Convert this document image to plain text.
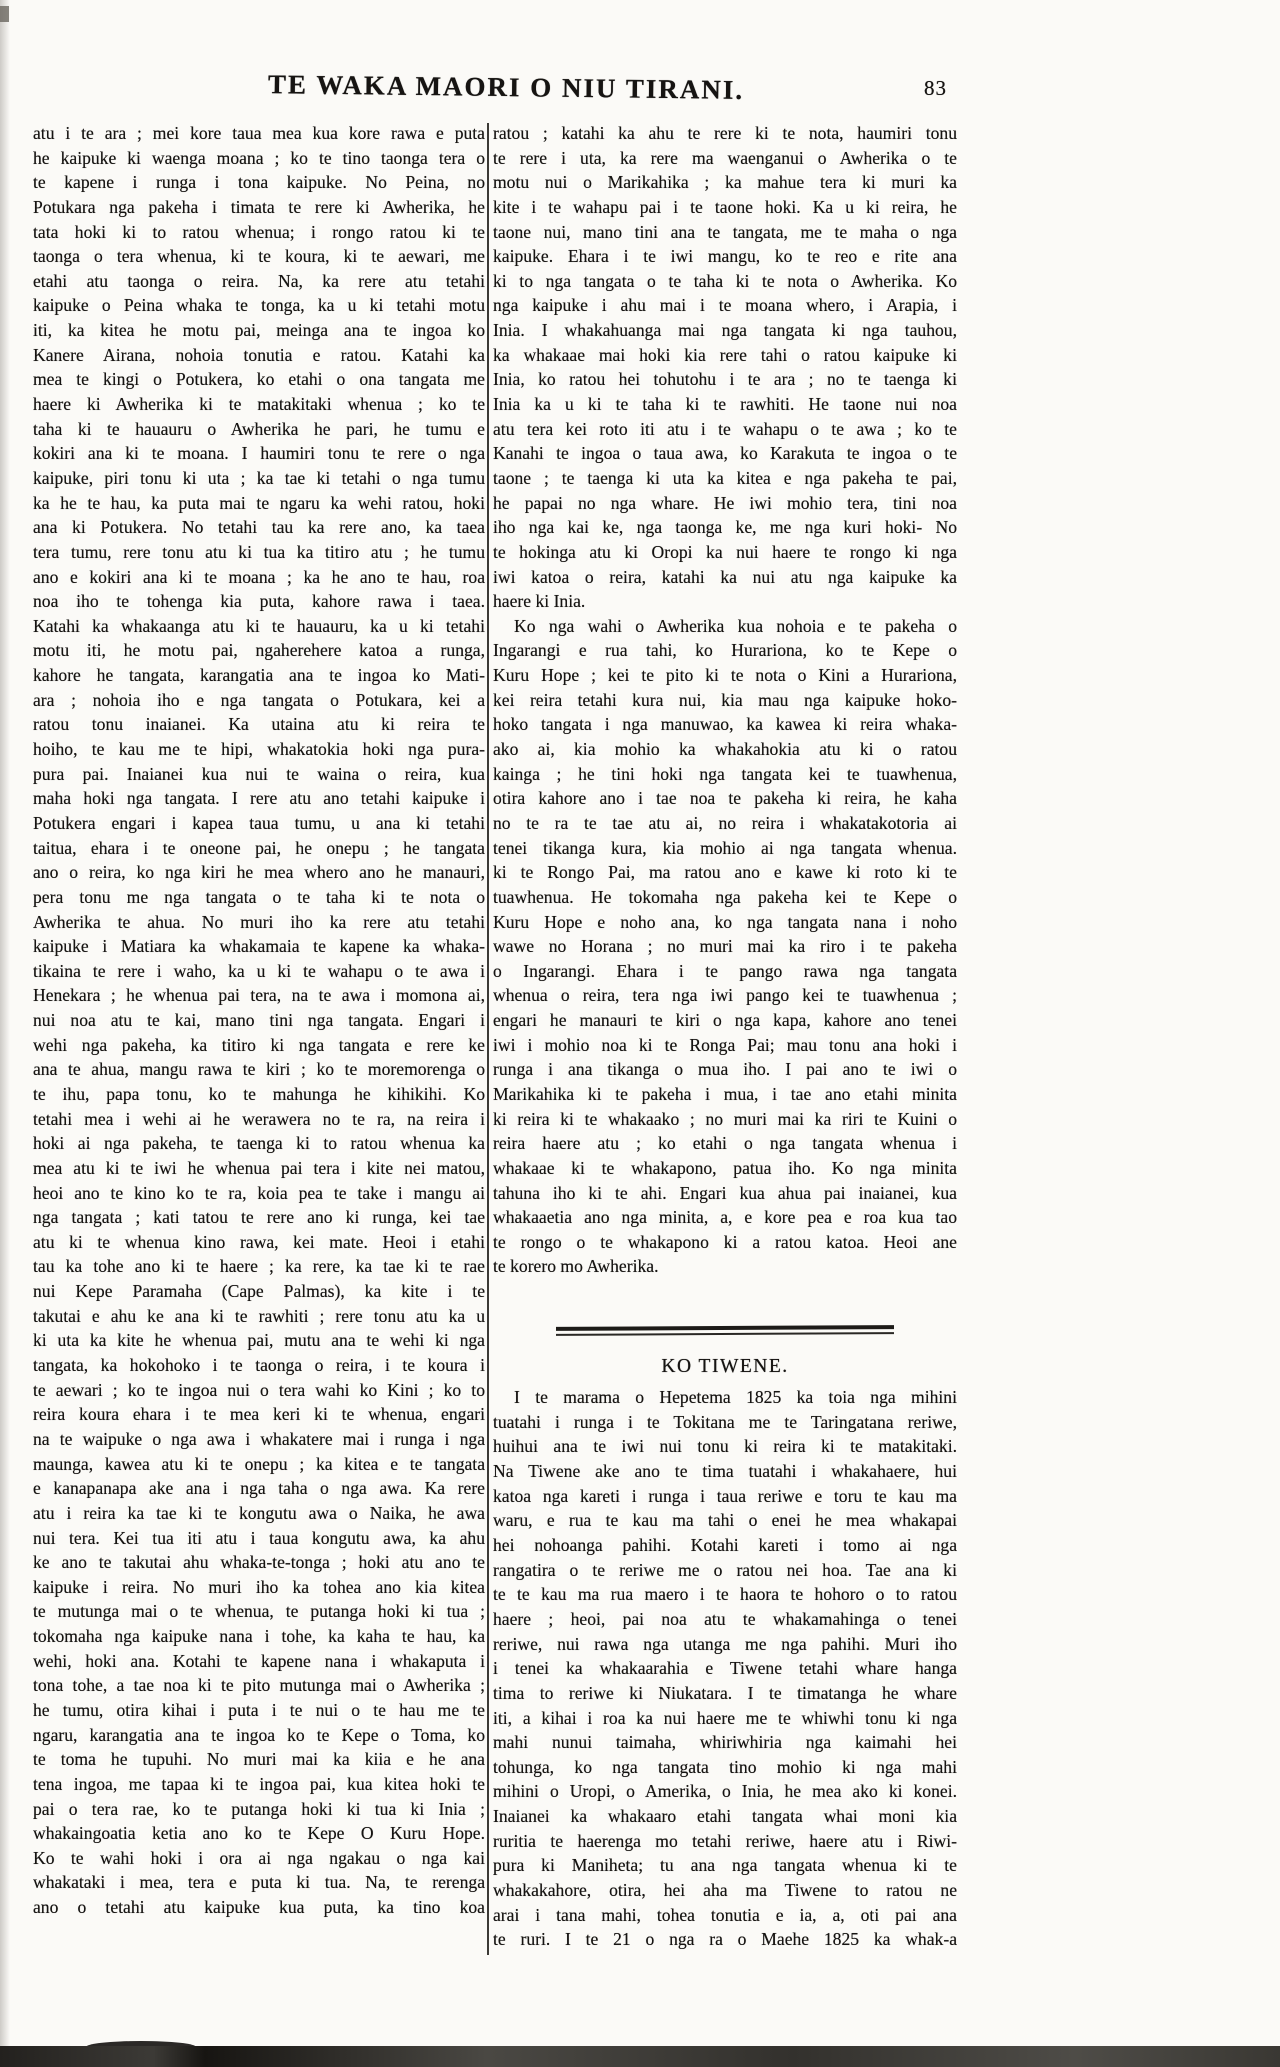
TE WAKA MAORI O NIU TIRANI.	83
atu i te ara ; mei kore taua mea kua kore rawa e puta
he kaipuke ki waenga moana ; ko te tino taonga tera o
te kapene i runga i tona kaipuke. No Peina, no
Potukara nga pakeha i timata te rere ki Awherika, he
tata hoki ki to ratou whenua; i rongo ratou ki te
taonga o tera whenua, ki te koura, ki te aewari, me
etahi atu taonga o reira. Na, ka rere atu tetahi
kaipuke o Peina whaka te tonga, ka u ki tetahi motu
iti, ka kitea he motu pai, meinga ana te ingoa ko
Kanere Airana, nohoia tonutia e ratou. Katahi ka
mea te kingi o Potukera, ko etahi o ona tangata me
haere ki Awherika ki te matakitaki whenua ; ko te
taha ki te hauauru o Awherika he pari, he tumu e
kokiri ana ki te moana. I haumiri tonu te rere o nga
kaipuke, piri tonu ki uta ; ka tae ki tetahi o nga tumu
ka he te hau, ka puta mai te ngaru ka wehi ratou, hoki
ana ki Potukera. No tetahi tau ka rere ano, ka taea
tera tumu, rere tonu atu ki tua ka titiro atu ; he tumu
ano e kokiri ana ki te moana ; ka he ano te hau, roa
noa iho te tohenga kia puta, kahore rawa i taea.
Katahi ka whakaanga atu ki te hauauru, ka u ki tetahi
motu iti, he motu pai, ngaherehere katoa a runga,
kahore he tangata, karangatia ana te ingoa ko Mati-
ara ; nohoia iho e nga tangata o Potukara, kei a
ratou tonu inaianei. Ka utaina atu ki reira te
hoiho, te kau me te hipi, whakatokia hoki nga pura-
pura pai. Inaianei kua nui te waina o reira, kua
maha hoki nga tangata. I rere atu ano tetahi kaipuke i
Potukera engari i kapea taua tumu, u ana ki tetahi
taitua, ehara i te oneone pai, he onepu ; he tangata
ano o reira, ko nga kiri he mea whero ano he manauri,
pera tonu me nga tangata o te taha ki te nota o
Awherika te ahua. No muri iho ka rere atu tetahi
kaipuke i Matiara ka whakamaia te kapene ka whaka-
tikaina te rere i waho, ka u ki te wahapu o te awa i
Henekara ; he whenua pai tera, na te awa i momona ai,
nui noa atu te kai, mano tini nga tangata. Engari i
wehi nga pakeha, ka titiro ki nga tangata e rere ke
ana te ahua, mangu rawa te kiri ; ko te moremorenga o
te ihu, papa tonu, ko te mahunga he kihikihi. Ko
tetahi mea i wehi ai he werawera no te ra, na reira i
hoki ai nga pakeha, te taenga ki to ratou whenua ka
mea atu ki te iwi he whenua pai tera i kite nei matou,
heoi ano te kino ko te ra, koia pea te take i mangu ai
nga tangata ; kati tatou te rere ano ki runga, kei tae
atu ki te whenua kino rawa, kei mate. Heoi i etahi
tau ka tohe ano ki te haere ; ka rere, ka tae ki te rae
nui Kepe Paramaha (Cape Palmas), ka kite i te
takutai e ahu ke ana ki te rawhiti ; rere tonu atu ka u
ki uta ka kite he whenua pai, mutu ana te wehi ki nga
tangata, ka hokohoko i te taonga o reira, i te koura i
te aewari ; ko te ingoa nui o tera wahi ko Kini ; ko to
reira koura ehara i te mea keri ki te whenua, engari
na te waipuke o nga awa i whakatere mai i runga i nga
maunga, kawea atu ki te onepu ; ka kitea e te tangata
e kanapanapa ake ana i nga taha o nga awa. Ka rere
atu i reira ka tae ki te kongutu awa o Naika, he awa
nui tera. Kei tua iti atu i taua kongutu awa, ka ahu
ke ano te takutai ahu whaka-te-tonga ; hoki atu ano te
kaipuke i reira. No muri iho ka tohea ano kia kitea
te mutunga mai o te whenua, te putanga hoki ki tua ;
tokomaha nga kaipuke nana i tohe, ka kaha te hau, ka
wehi, hoki ana. Kotahi te kapene nana i whakaputa i
tona tohe, a tae noa ki te pito mutunga mai o Awherika ;
he tumu, otira kihai i puta i te nui o te hau me te
ngaru, karangatia ana te ingoa ko te Kepe o Toma, ko
te toma he tupuhi. No muri mai ka kiia e he ana
tena ingoa, me tapaa ki te ingoa pai, kua kitea hoki te
pai o tera rae, ko te putanga hoki ki tua ki Inia ;
whakaingoatia ketia ano ko te Kepe O Kuru Hope.
Ko te wahi hoki i ora ai nga ngakau o nga kai
whakataki i mea, tera e puta ki tua. Na, te rerenga
ano o tetahi atu kaipuke kua puta, ka tino koa
ratou ; katahi ka ahu te rere ki te nota, haumiri tonu
te rere i uta, ka rere ma waenganui o Awherika o te
motu nui o Marikahika ; ka mahue tera ki muri ka
kite i te wahapu pai i te taone hoki. Ka u ki reira, he
taone nui, mano tini ana te tangata, me te maha o nga
kaipuke. Ehara i te iwi mangu, ko te reo e rite ana
ki to nga tangata o te taha ki te nota o Awherika. Ko
nga kaipuke i ahu mai i te moana whero, i Arapia, i
Inia. I whakahuanga mai nga tangata ki nga tauhou,
ka whakaae mai hoki kia rere tahi o ratou kaipuke ki
Inia, ko ratou hei tohutohu i te ara ; no te taenga ki
Inia ka u ki te taha ki te rawhiti. He taone nui noa
atu tera kei roto iti atu i te wahapu o te awa ; ko te
Kanahi te ingoa o taua awa, ko Karakuta te ingoa o te
taone ; te taenga ki uta ka kitea e nga pakeha te pai,
he papai no nga whare. He iwi mohio tera, tini noa
iho nga kai ke, nga taonga ke, me nga kuri hoki- No
te hokinga atu ki Oropi ka nui haere te rongo ki nga
iwi katoa o reira, katahi ka nui atu nga kaipuke ka
haere ki Inia.
Ko nga wahi o Awherika kua nohoia e te pakeha o
Ingarangi e rua tahi, ko Hurariona, ko te Kepe o
Kuru Hope ; kei te pito ki te nota o Kini a Hurariona,
kei reira tetahi kura nui, kia mau nga kaipuke hoko-
hoko tangata i nga manuwao, ka kawea ki reira whaka-
ako ai, kia mohio ka whakahokia atu ki o ratou
kainga ; he tini hoki nga tangata kei te tuawhenua,
otira kahore ano i tae noa te pakeha ki reira, he kaha
no te ra te tae atu ai, no reira i whakatakotoria ai
tenei tikanga kura, kia mohio ai nga tangata whenua.
ki te Rongo Pai, ma ratou ano e kawe ki roto ki te
tuawhenua. He tokomaha nga pakeha kei te Kepe o
Kuru Hope e noho ana, ko nga tangata nana i noho
wawe no Horana ; no muri mai ka riro i te pakeha
o Ingarangi. Ehara i te pango rawa nga tangata
whenua o reira, tera nga iwi pango kei te tuawhenua ;
engari he manauri te kiri o nga kapa, kahore ano tenei
iwi i mohio noa ki te Ronga Pai; mau tonu ana hoki i
runga i ana tikanga o mua iho. I pai ano te iwi o
Marikahika ki te pakeha i mua, i tae ano etahi minita
ki reira ki te whakaako ; no muri mai ka riri te Kuini o
reira haere atu ; ko etahi o nga tangata whenua i
whakaae ki te whakapono, patua iho. Ko nga minita
tahuna iho ki te ahi. Engari kua ahua pai inaianei, kua
whakaaetia ano nga minita, a, e kore pea e roa kua tao
te rongo o te whakapono ki a ratou katoa. Heoi ane
te korero mo Awherika.
KO TIWENE.
I te marama o Hepetema 1825 ka toia nga mihini
tuatahi i runga i te Tokitana me te Taringatana reriwe,
huihui ana te iwi nui tonu ki reira ki te matakitaki.
Na Tiwene ake ano te tima tuatahi i whakahaere, hui
katoa nga kareti i runga i taua reriwe e toru te kau ma
waru, e rua te kau ma tahi o enei he mea whakapai
hei nohoanga pahihi. Kotahi kareti i tomo ai nga
rangatira o te reriwe me o ratou nei hoa. Tae ana ki
te te kau ma rua maero i te haora te hohoro o to ratou
haere ; heoi, pai noa atu te whakamahinga o tenei
reriwe, nui rawa nga utanga me nga pahihi. Muri iho
i tenei ka whakaarahia e Tiwene tetahi whare hanga
tima to reriwe ki Niukatara. I te timatanga he whare
iti, a kihai i roa ka nui haere me te whiwhi tonu ki nga
mahi nunui taimaha, whiriwhiria nga kaimahi hei
tohunga, ko nga tangata tino mohio ki nga mahi
mihini o Uropi, o Amerika, o Inia, he mea ako ki konei.
Inaianei ka whakaaro etahi tangata whai moni kia
ruritia te haerenga mo tetahi reriwe, haere atu i Riwi-
pura ki Maniheta; tu ana nga tangata whenua ki te
whakakahore, otira, hei aha ma Tiwene to ratou ne
arai i tana mahi, tohea tonutia e ia, a, oti pai ana
te ruri. I te 21 o nga ra o Maehe 1825 ka whak-a
